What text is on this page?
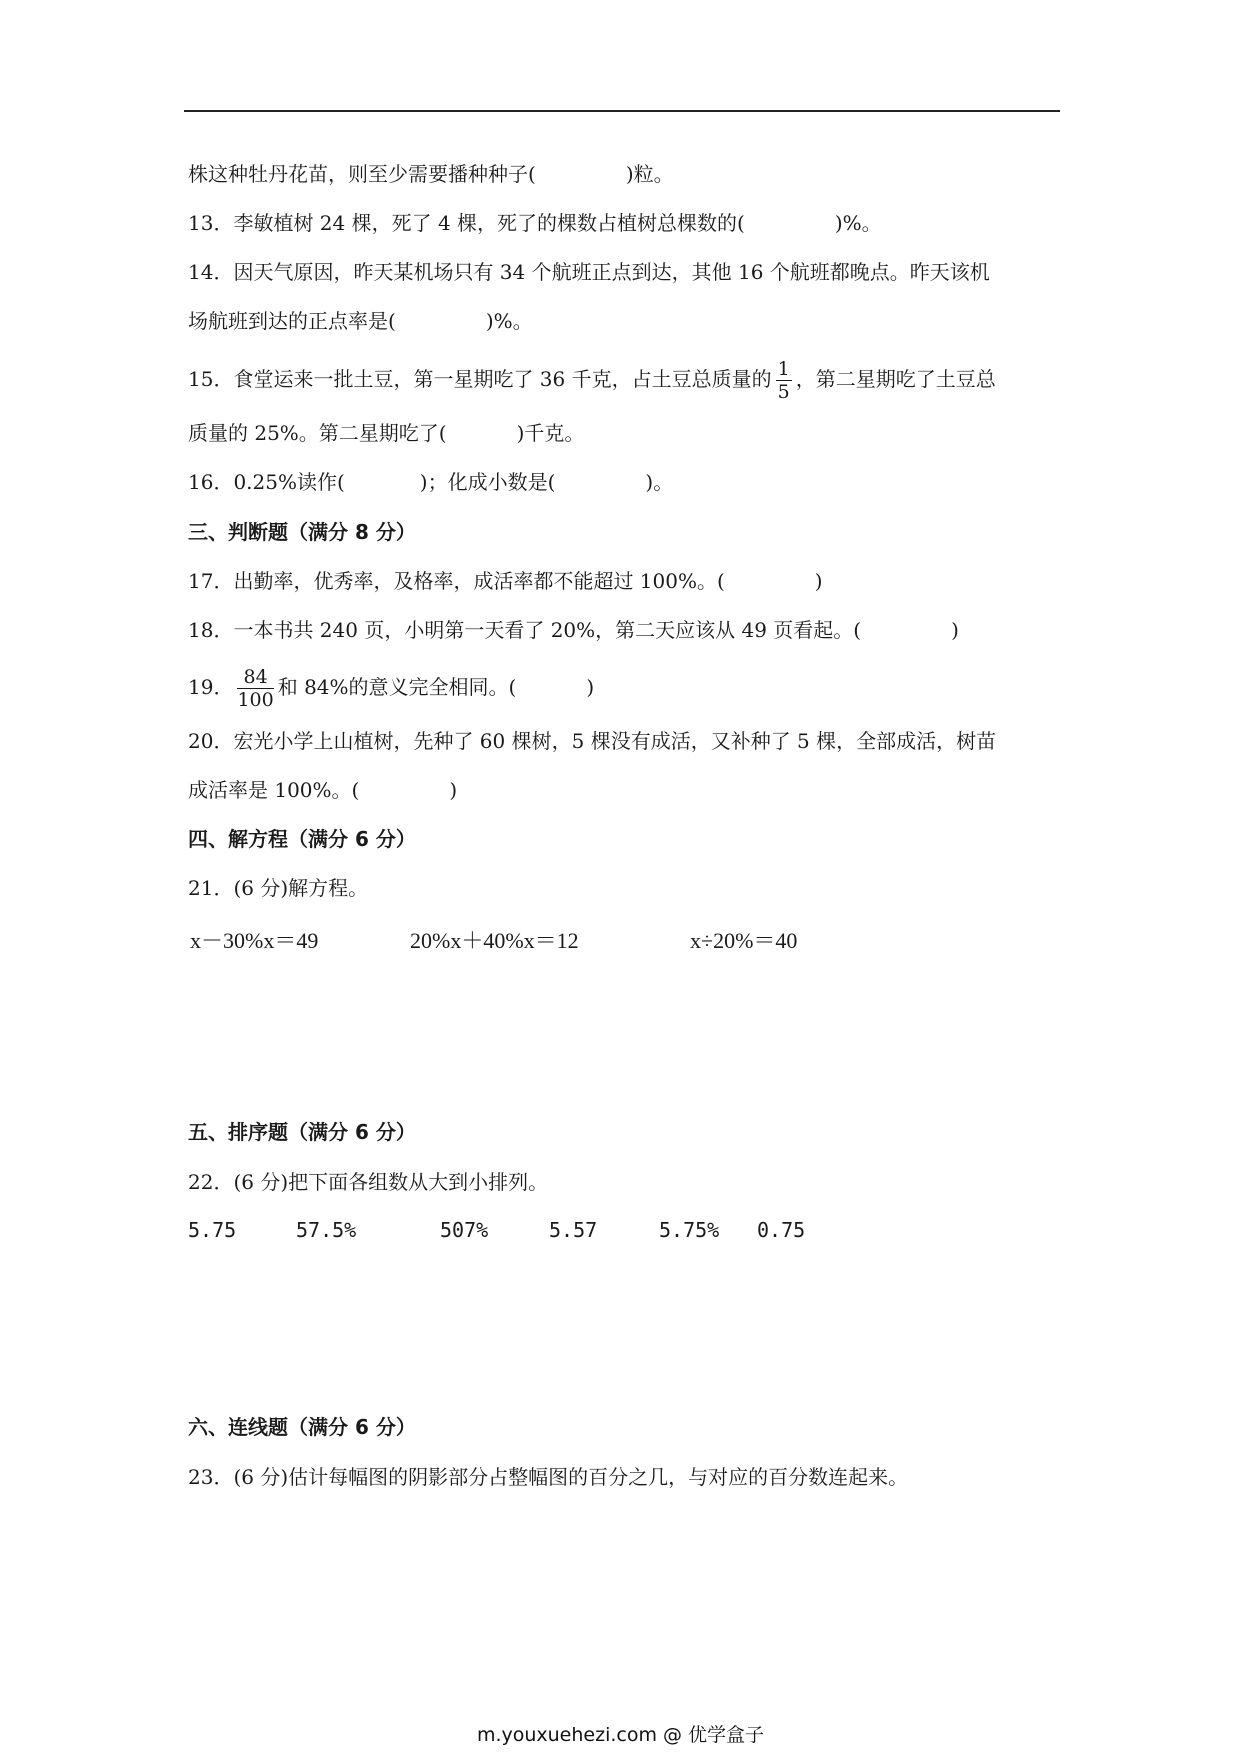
株这种牡丹花苗，则至少需要播种种子(	)粒。
13．李敏植树 24 棵，死了 4 棵，死了的棵数占植树总棵数的(	)%。
14．因天气原因，昨天某机场只有 34 个航班正点到达，其他 16 个航班都晚点。昨天该机
场航班到达的正点率是(	)%。
15．食堂运来一批土豆，第一星期吃了 36 千克，占土豆总质量的 $\frac{1}{5}$ ，第二星期吃了土豆总
质量的 25%。第二星期吃了(	)千克。
16．0.25%读作(	)；化成小数是(	)。
三、判断题（满分 8 分）
17．出勤率，优秀率，及格率，成活率都不能超过 100%。(	)
18．一本书共 240 页，小明第一天看了 20%，第二天应该从 49 页看起。(	)
19． $\frac{84}{100}$ 和 84%的意义完全相同。(	)
20．宏光小学上山植树，先种了 60 棵树，5 棵没有成活，又补种了 5 棵，全部成活，树苗
成活率是 100%。(	)
四、解方程（满分 6 分）
21．(6 分)解方程。
x－30%x＝49	20%x＋40%x＝12	x÷20%＝40
五、排序题（满分 6 分）
22．(6 分)把下面各组数从大到小排列。
5.75	57.5%	507%	5.57	5.75% 0.75
六、连线题（满分 6 分）
23．(6 分)估计每幅图的阴影部分占整幅图的百分之几，与对应的百分数连起来。
m.youxuehezi.com @ 优学盒子
